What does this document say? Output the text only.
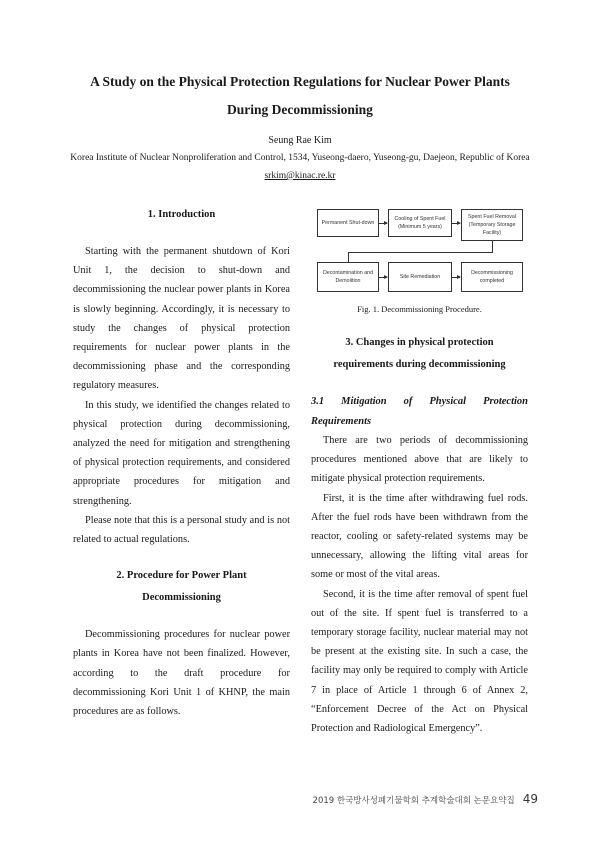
A Study on the Physical Protection Regulations for Nuclear Power Plants
During Decommissioning
Seung Rae Kim
Korea Institute of Nuclear Nonproliferation and Control, 1534, Yuseong-daero, Yuseong-gu, Daejeon, Republic of Korea
srkim@kinac.re.kr
1. Introduction

Starting with the permanent shutdown of Kori Unit 1, the decision to shut-down and decommissioning the nuclear power plants in Korea is slowly beginning. Accordingly, it is necessary to study the changes of physical protection requirements for nuclear power plants in the decommissioning phase and the corresponding regulatory measures.

In this study, we identified the changes related to physical protection during decommissioning, analyzed the need for mitigation and strengthening of physical protection requirements, and considered appropriate procedures for mitigation and strengthening.

Please note that this is a personal study and is not related to actual regulations.

2. Procedure for Power Plant
Decommissioning

Decommissioning procedures for nuclear power plants in Korea have not been finalized. However, according to the draft procedure for decommissioning Kori Unit 1 of KHNP, the main procedures are as follows.

Permanent Shut-down
Cooling of Spent Fuel
(Minimum 5 years)
Spent Fuel Removal
(Temporary Storage
Facility)
Decontamination and
Demolition
Site Remediation
Decommissioning
completed
Fig. 1. Decommissioning Procedure.
3. Changes in physical protection
requirements during decommissioning

3.1 Mitigation of Physical Protection

Requirements

There are two periods of decommissioning procedures mentioned above that are likely to mitigate physical protection requirements.

First, it is the time after withdrawing fuel rods. After the fuel rods have been withdrawn from the reactor, cooling or safety-related systems may be unnecessary, allowing the lifting vital areas for some or most of the vital areas.

Second, it is the time after removal of spent fuel out of the site. If spent fuel is transferred to a temporary storage facility, nuclear material may not be present at the existing site. In such a case, the facility may only be required to comply with Article 7 in place of Article 1 through 6 of Annex 2, “Enforcement Decree of the Act on Physical Protection and Radiological Emergency”.

2019 한국방사성폐기물학회 추계학술대회 논문요약집 49
